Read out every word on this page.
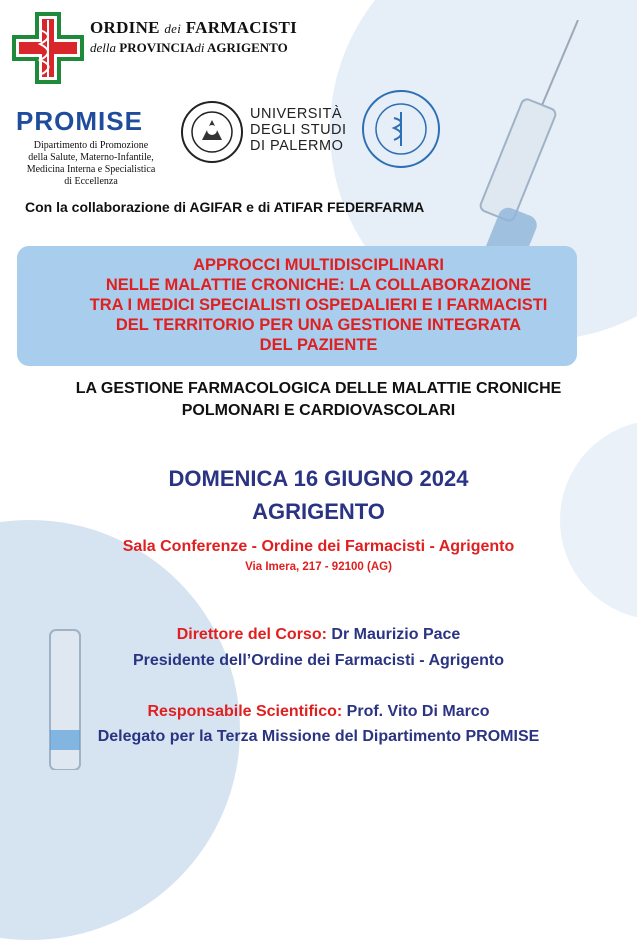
ORDINE dei FARMACISTI
della PROVINCIAdi AGRIGENTO
PROMISE
Dipartimento di Promozione
della Salute, Materno-Infantile,
Medicina Interna e Specialistica
di Eccellenza
UNIVERSITÀ
DEGLI STUDI
DI PALERMO
Con la collaborazione di AGIFAR e di ATIFAR FEDERFARMA
APPROCCI MULTIDISCIPLINARI
NELLE MALATTIE CRONICHE: LA COLLABORAZIONE
TRA I MEDICI SPECIALISTI OSPEDALIERI E I FARMACISTI
DEL TERRITORIO PER UNA GESTIONE INTEGRATA
DEL PAZIENTE
LA GESTIONE FARMACOLOGICA DELLE MALATTIE CRONICHE
POLMONARI E CARDIOVASCOLARI
DOMENICA 16 GIUGNO 2024
AGRIGENTO
Sala Conferenze - Ordine dei Farmacisti - Agrigento
Via Imera, 217 - 92100 (AG)
Direttore del Corso: Dr Maurizio Pace
Presidente dell’Ordine dei Farmacisti - Agrigento
Responsabile Scientifico: Prof. Vito Di Marco
Delegato per la Terza Missione del Dipartimento PROMISE
